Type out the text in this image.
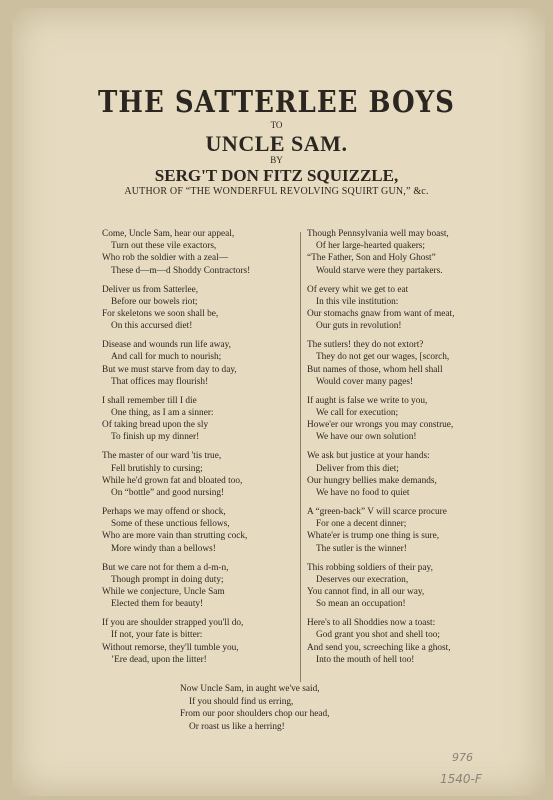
THE SATTERLEE BOYS
TO
UNCLE SAM.
BY
SERG'T DON FITZ SQUIZZLE,
AUTHOR OF “THE WONDERFUL REVOLVING SQUIRT GUN,” &c.
Come, Uncle Sam, hear our appeal,
Turn out these vile exactors,
Who rob the soldier with a zeal—
These d—m—d Shoddy Contractors!
Deliver us from Satterlee,
Before our bowels riot;
For skeletons we soon shall be,
On this accursed diet!
Disease and wounds run life away,
And call for much to nourish;
But we must starve from day to day,
That offices may flourish!
I shall remember till I die
One thing, as I am a sinner:
Of taking bread upon the sly
To finish up my dinner!
The master of our ward 'tis true,
Fell brutishly to cursing;
While he'd grown fat and bloated too,
On “bottle” and good nursing!
Perhaps we may offend or shock,
Some of these unctious fellows,
Who are more vain than strutting cock,
More windy than a bellows!
But we care not for them a d-m-n,
Though prompt in doing duty;
While we conjecture, Uncle Sam
Elected them for beauty!
If you are shoulder strapped you'll do,
If not, your fate is bitter:
Without remorse, they'll tumble you,
’Ere dead, upon the litter!
Though Pennsylvania well may boast,
Of her large-hearted quakers;
“The Father, Son and Holy Ghost”
Would starve were they partakers.
Of every whit we get to eat
In this vile institution:
Our stomachs gnaw from want of meat,
Our guts in revolution!
The sutlers! they do not extort?
They do not get our wages, [scorch,
But names of those, whom hell shall
Would cover many pages!
If aught is false we write to you,
We call for execution;
Howe'er our wrongs you may construe,
We have our own solution!
We ask but justice at your hands:
Deliver from this diet;
Our hungry bellies make demands,
We have no food to quiet
A “green-back” V will scarce procure
For one a decent dinner;
Whate'er is trump one thing is sure,
The sutler is the winner!
This robbing soldiers of their pay,
Deserves our execration,
You cannot find, in all our way,
So mean an occupation!
Here's to all Shoddies now a toast:
God grant you shot and shell too;
And send you, screeching like a ghost,
Into the mouth of hell too!
Now Uncle Sam, in aught we've said,
If you should find us erring,
From our poor shoulders chop our head,
Or roast us like a herring!
976
1540-F
